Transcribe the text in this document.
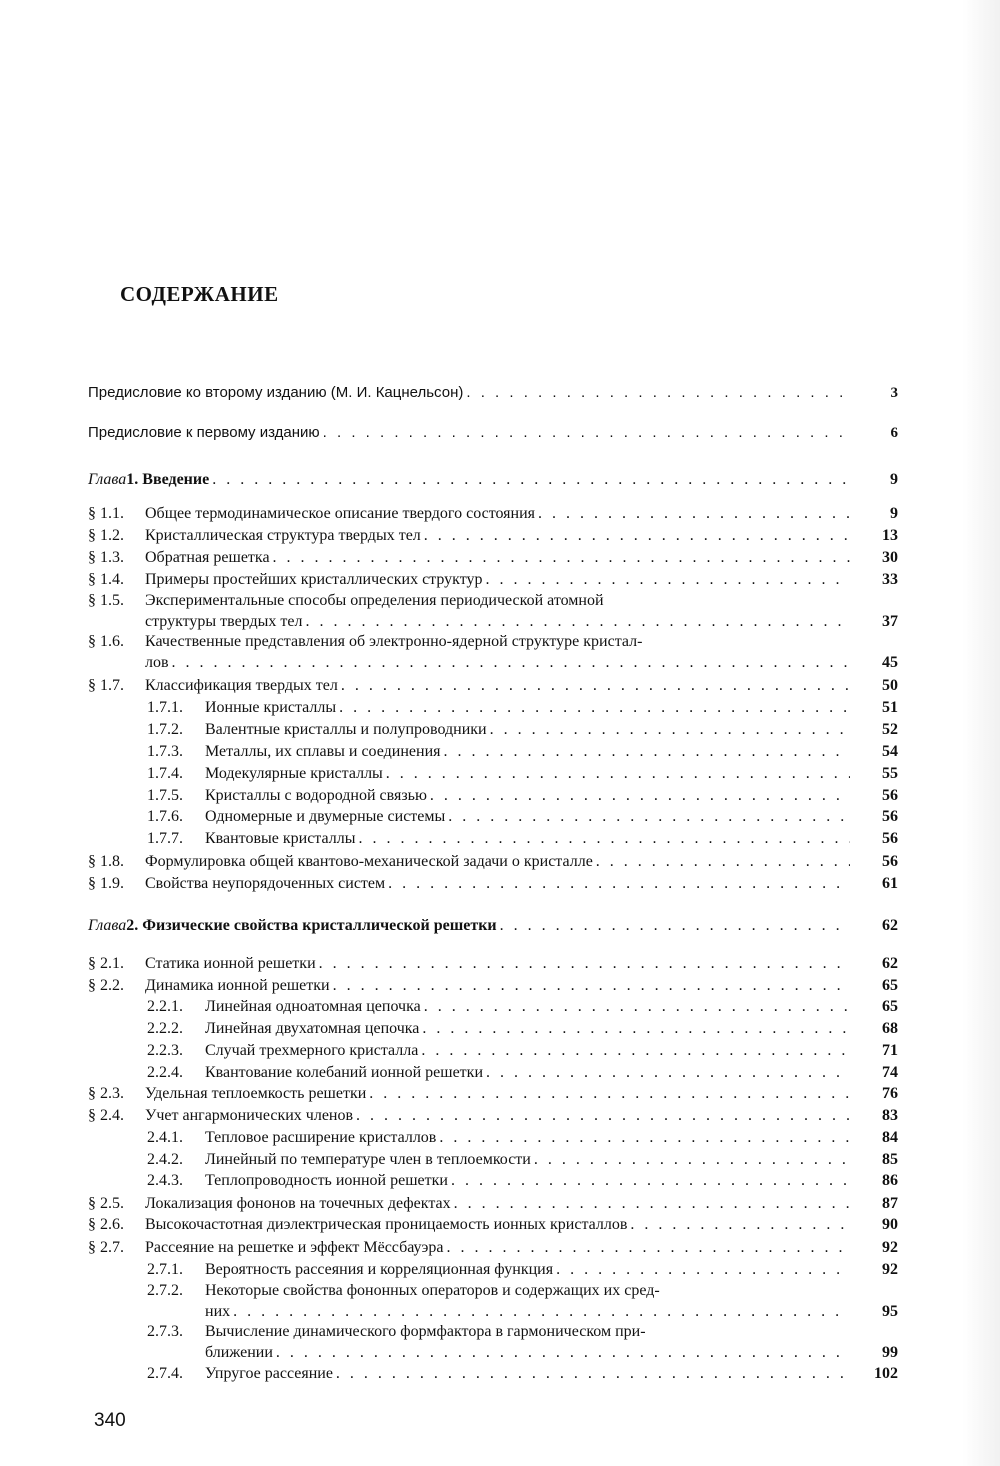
СОДЕРЖАНИЕ
Предисловие ко второму изданию (М. И. Кацнельсон) . . .	3
Предисловие к первому изданию . . .	6
Глава 1. Введение . . .	9
§ 1.1.	Общее термодинамическое описание твердого состояния . . .	9
§ 1.2.	Кристаллическая структура твердых тел . . .	13
§ 1.3.	Обратная решетка . . .	30
§ 1.4.	Примеры простейших кристаллических структур . . .	33
§ 1.5.	Экспериментальные способы определения периодической атомной
структуры твердых тел . . .	37
§ 1.6.	Качественные представления об электронно-ядерной структуре кристал-
лов . . .	45
§ 1.7.	Классификация твердых тел . . .	50
1.7.1.	Ионные кристаллы . . .	51
1.7.2.	Валентные кристаллы и полупроводники . . .	52
1.7.3.	Металлы, их сплавы и соединения . . .	54
1.7.4.	Модекулярные кристаллы . . .	55
1.7.5.	Кристаллы с водородной связью . . .	56
1.7.6.	Одномерные и двумерные системы . . .	56
1.7.7.	Квантовые кристаллы . . .	56
§ 1.8.	Формулировка общей квантово-механической задачи о кристалле . . .	56
§ 1.9.	Свойства неупорядоченных систем . . .	61
Глава 2. Физические свойства кристаллической решетки . . .	62
§ 2.1.	Статика ионной решетки . . .	62
§ 2.2.	Динамика ионной решетки . . .	65
2.2.1.	Линейная одноатомная цепочка . . .	65
2.2.2.	Линейная двухатомная цепочка . . .	68
2.2.3.	Случай трехмерного кристалла . . .	71
2.2.4.	Квантование колебаний ионной решетки . . .	74
§ 2.3.	Удельная теплоемкость решетки . . .	76
§ 2.4.	Учет ангармонических членов . . .	83
2.4.1.	Тепловое расширение кристаллов . . .	84
2.4.2.	Линейный по температуре член в теплоемкости . . .	85
2.4.3.	Теплопроводность ионной решетки . . .	86
§ 2.5.	Локализация фононов на точечных дефектах . . .	87
§ 2.6.	Высокочастотная диэлектрическая проницаемость ионных кристаллов . . .	90
§ 2.7.	Рассеяние на решетке и эффект Мёссбауэра . . .	92
2.7.1.	Вероятность рассеяния и корреляционная функция . . .	92
2.7.2.	Некоторые свойства фононных операторов и содержащих их сред-
них . . .	95
2.7.3.	Вычисление динамического формфактора в гармоническом при-
ближении . . .	99
2.7.4.	Упругое рассеяние . . .	102
340
